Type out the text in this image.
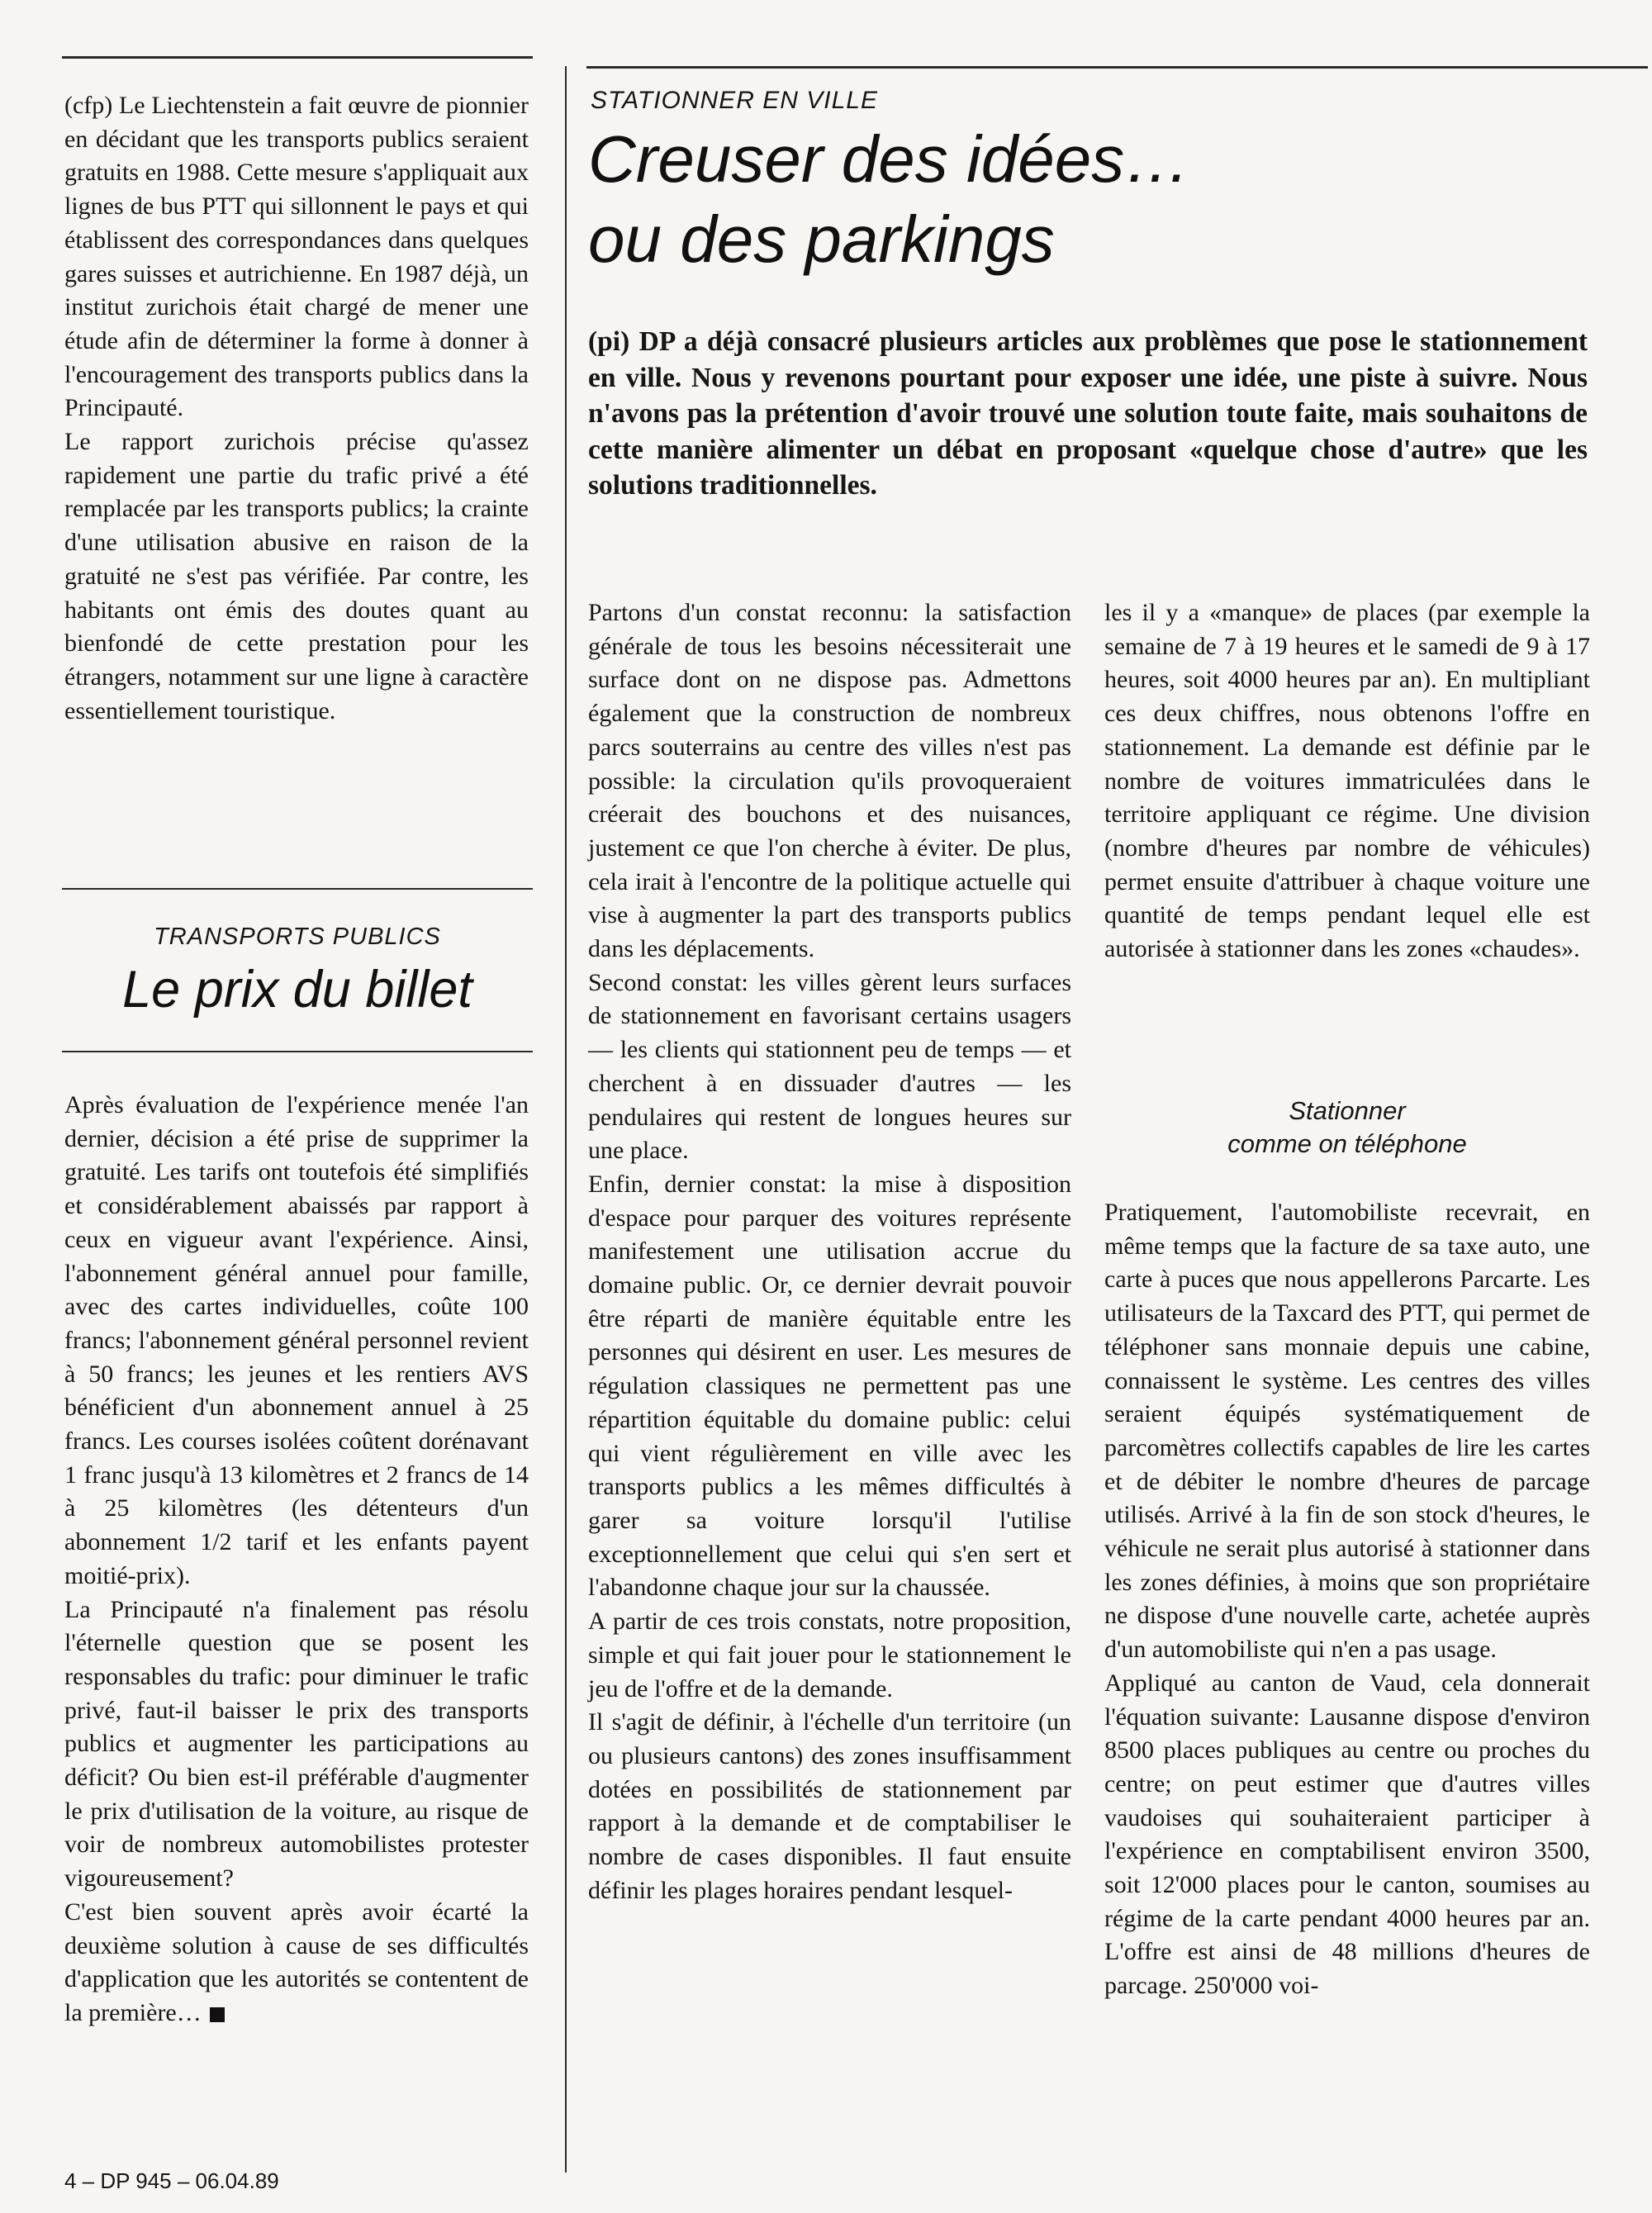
(cfp) Le Liechtenstein a fait œuvre de pionnier en décidant que les transports publics seraient gratuits en 1988. Cette mesure s'appliquait aux lignes de bus PTT qui sillonnent le pays et qui établissent des correspondances dans quelques gares suisses et autrichienne. En 1987 déjà, un institut zurichois était chargé de mener une étude afin de déterminer la forme à donner à l'encouragement des transports publics dans la Principauté.
Le rapport zurichois précise qu'assez rapidement une partie du trafic privé a été remplacée par les transports publics; la crainte d'une utilisation abusive en raison de la gratuité ne s'est pas vérifiée. Par contre, les habitants ont émis des doutes quant au bienfondé de cette prestation pour les étrangers, notamment sur une ligne à caractère essentiellement touristique.
TRANSPORTS PUBLICS
Le prix du billet

Après évaluation de l'expérience menée l'an dernier, décision a été prise de supprimer la gratuité. Les tarifs ont toutefois été simplifiés et considérablement abaissés par rapport à ceux en vigueur avant l'expérience. Ainsi, l'abonnement général annuel pour famille, avec des cartes individuelles, coûte 100 francs; l'abonnement général personnel revient à 50 francs; les jeunes et les rentiers AVS bénéficient d'un abonnement annuel à 25 francs. Les courses isolées coûtent dorénavant 1 franc jusqu'à 13 kilomètres et 2 francs de 14 à 25 kilomètres (les détenteurs d'un abonnement 1/2 tarif et les enfants payent moitié-prix).

La Principauté n'a finalement pas résolu l'éternelle question que se posent les responsables du trafic: pour diminuer le trafic privé, faut-il baisser le prix des transports publics et augmenter les participations au déficit? Ou bien est-il préférable d'augmenter le prix d'utilisation de la voiture, au risque de voir de nombreux automobilistes protester vigoureusement?

C'est bien souvent après avoir écarté la deuxième solution à cause de ses difficultés d'application que les autorités se contentent de la première…

STATIONNER EN VILLE
Creuser des idées…
ou des parkings

(pi) DP a déjà consacré plusieurs articles aux problèmes que pose le stationnement en ville. Nous y revenons pourtant pour exposer une idée, une piste à suivre. Nous n'avons pas la prétention d'avoir trouvé une solution toute faite, mais souhaitons de cette manière alimenter un débat en proposant «quelque chose d'autre» que les solutions traditionnelles.

Partons d'un constat reconnu: la satisfaction générale de tous les besoins nécessiterait une surface dont on ne dispose pas. Admettons également que la construction de nombreux parcs souterrains au centre des villes n'est pas possible: la circulation qu'ils provoqueraient créerait des bouchons et des nuisances, justement ce que l'on cherche à éviter. De plus, cela irait à l'encontre de la politique actuelle qui vise à augmenter la part des transports publics dans les déplacements.

Second constat: les villes gèrent leurs surfaces de stationnement en favorisant certains usagers — les clients qui stationnent peu de temps — et cherchent à en dissuader d'autres — les pendulaires qui restent de longues heures sur une place.

Enfin, dernier constat: la mise à disposition d'espace pour parquer des voitures représente manifestement une utilisation accrue du domaine public. Or, ce dernier devrait pouvoir être réparti de manière équitable entre les personnes qui désirent en user. Les mesures de régulation classiques ne permettent pas une répartition équitable du domaine public: celui qui vient régulièrement en ville avec les transports publics a les mêmes difficultés à garer sa voiture lorsqu'il l'utilise exceptionnellement que celui qui s'en sert et l'abandonne chaque jour sur la chaussée.

A partir de ces trois constats, notre proposition, simple et qui fait jouer pour le stationnement le jeu de l'offre et de la demande.

Il s'agit de définir, à l'échelle d'un territoire (un ou plusieurs cantons) des zones insuffisamment dotées en possibilités de stationnement par rapport à la demande et de comptabiliser le nombre de cases disponibles. Il faut ensuite définir les plages horaires pendant lesquel-

les il y a «manque» de places (par exemple la semaine de 7 à 19 heures et le samedi de 9 à 17 heures, soit 4000 heures par an). En multipliant ces deux chiffres, nous obtenons l'offre en stationnement. La demande est définie par le nombre de voitures immatriculées dans le territoire appliquant ce régime. Une division (nombre d'heures par nombre de véhicules) permet ensuite d'attribuer à chaque voiture une quantité de temps pendant lequel elle est autorisée à stationner dans les zones «chaudes».

Stationner

comme on téléphone

Pratiquement, l'automobiliste recevrait, en même temps que la facture de sa taxe auto, une carte à puces que nous appellerons Parcarte. Les utilisateurs de la Taxcard des PTT, qui permet de téléphoner sans monnaie depuis une cabine, connaissent le système. Les centres des villes seraient équipés systématiquement de parcomètres collectifs capables de lire les cartes et de débiter le nombre d'heures de parcage utilisés. Arrivé à la fin de son stock d'heures, le véhicule ne serait plus autorisé à stationner dans les zones définies, à moins que son propriétaire ne dispose d'une nouvelle carte, achetée auprès d'un automobiliste qui n'en a pas usage.

Appliqué au canton de Vaud, cela donnerait l'équation suivante: Lausanne dispose d'environ 8500 places publiques au centre ou proches du centre; on peut estimer que d'autres villes vaudoises qui souhaiteraient participer à l'expérience en comptabilisent environ 3500, soit 12'000 places pour le canton, soumises au régime de la carte pendant 4000 heures par an. L'offre est ainsi de 48 millions d'heures de parcage. 250'000 voi-

4 – DP 945 – 06.04.89
